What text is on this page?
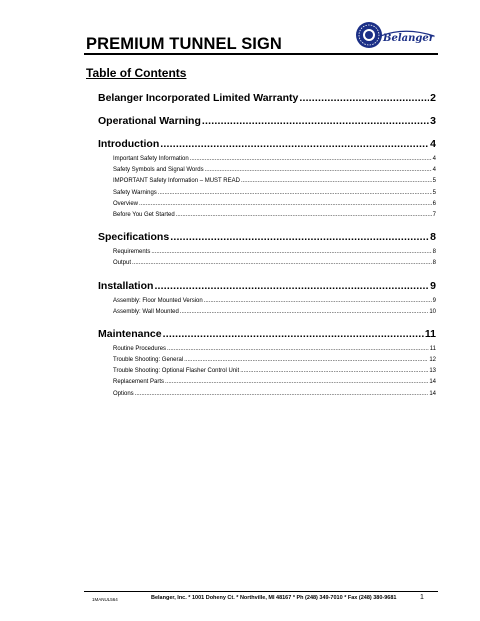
PREMIUM TUNNEL SIGN	Belanger
Table of Contents
Belanger Incorporated Limited Warranty .....	2
Operational Warning .....	3
Introduction .....	4
Important Safety Information .....	4
Safety Symbols and Signal Words .....	4
IMPORTANT Safety Information – MUST READ .....	5
Safety Warnings .....	5
Overview .....	6
Before You Get Started .....	7
Specifications .....	8
Requirements .....	8
Output .....	8
Installation .....	9
Assembly: Floor Mounted Version .....	9
Assembly: Wall Mounted .....	10
Maintenance .....	11
Routine Procedures .....	11
Trouble Shooting: General .....	12
Trouble Shooting: Optional Flasher Control Unit .....	13
Replacement Parts .....	14
Options .....	14
1MANUL564	Belanger, Inc. * 1001 Doheny Ct. * Northville, MI 48167 * Ph (248) 349-7010 * Fax (248) 380-9681	1
